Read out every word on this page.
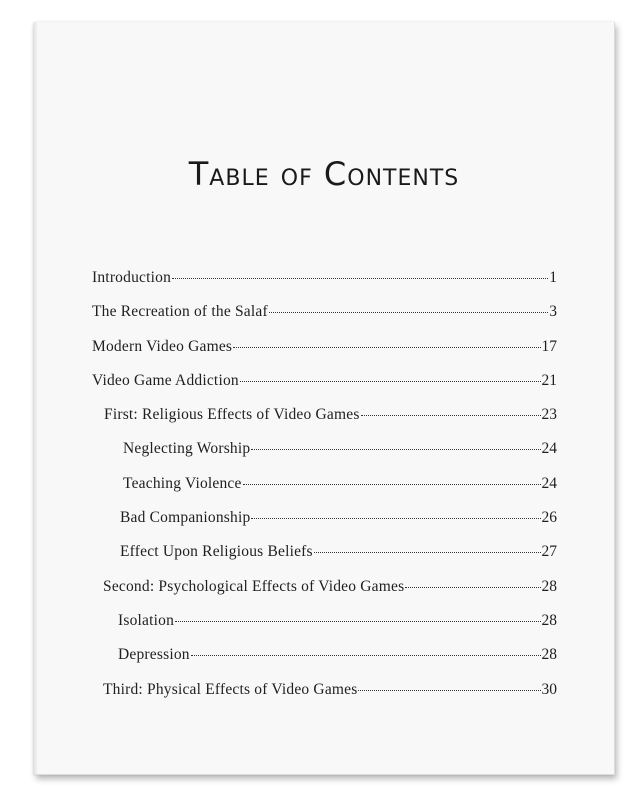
Table of Contents
Introduction	1
The Recreation of the Salaf	3
Modern Video Games	17
Video Game Addiction	21
First: Religious Effects of Video Games	23
Neglecting Worship	24
Teaching Violence	24
Bad Companionship	26
Effect Upon Religious Beliefs	27
Second: Psychological Effects of Video Games	28
Isolation	28
Depression	28
Third: Physical Effects of Video Games	30
